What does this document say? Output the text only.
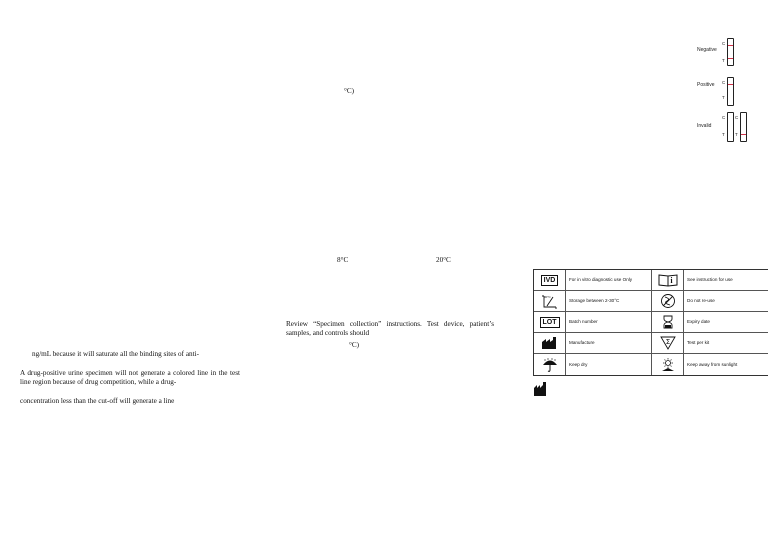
ng/mL because it will saturate all the binding sites of anti-
A drug-positive urine specimen will not generate a colored line in the test line region because of drug competition, while a drug-
concentration less than the cut-off will generate a line
°C)
8°C	20°C
Review “Specimen collection” instructions. Test device, patient’s samples, and controls should
°C)
Negative
C
T
Positive C
T
Invalid
C
T
C
T
IVD	For in vitro diagnostic use Only	i	See instruction for use
30°C
Storage between 2-30°C	Do not re-use
LOT	Batch number	Expiry date
Manufacture	Σ	Test per kit
Keep dry	Keep away from sunlight
